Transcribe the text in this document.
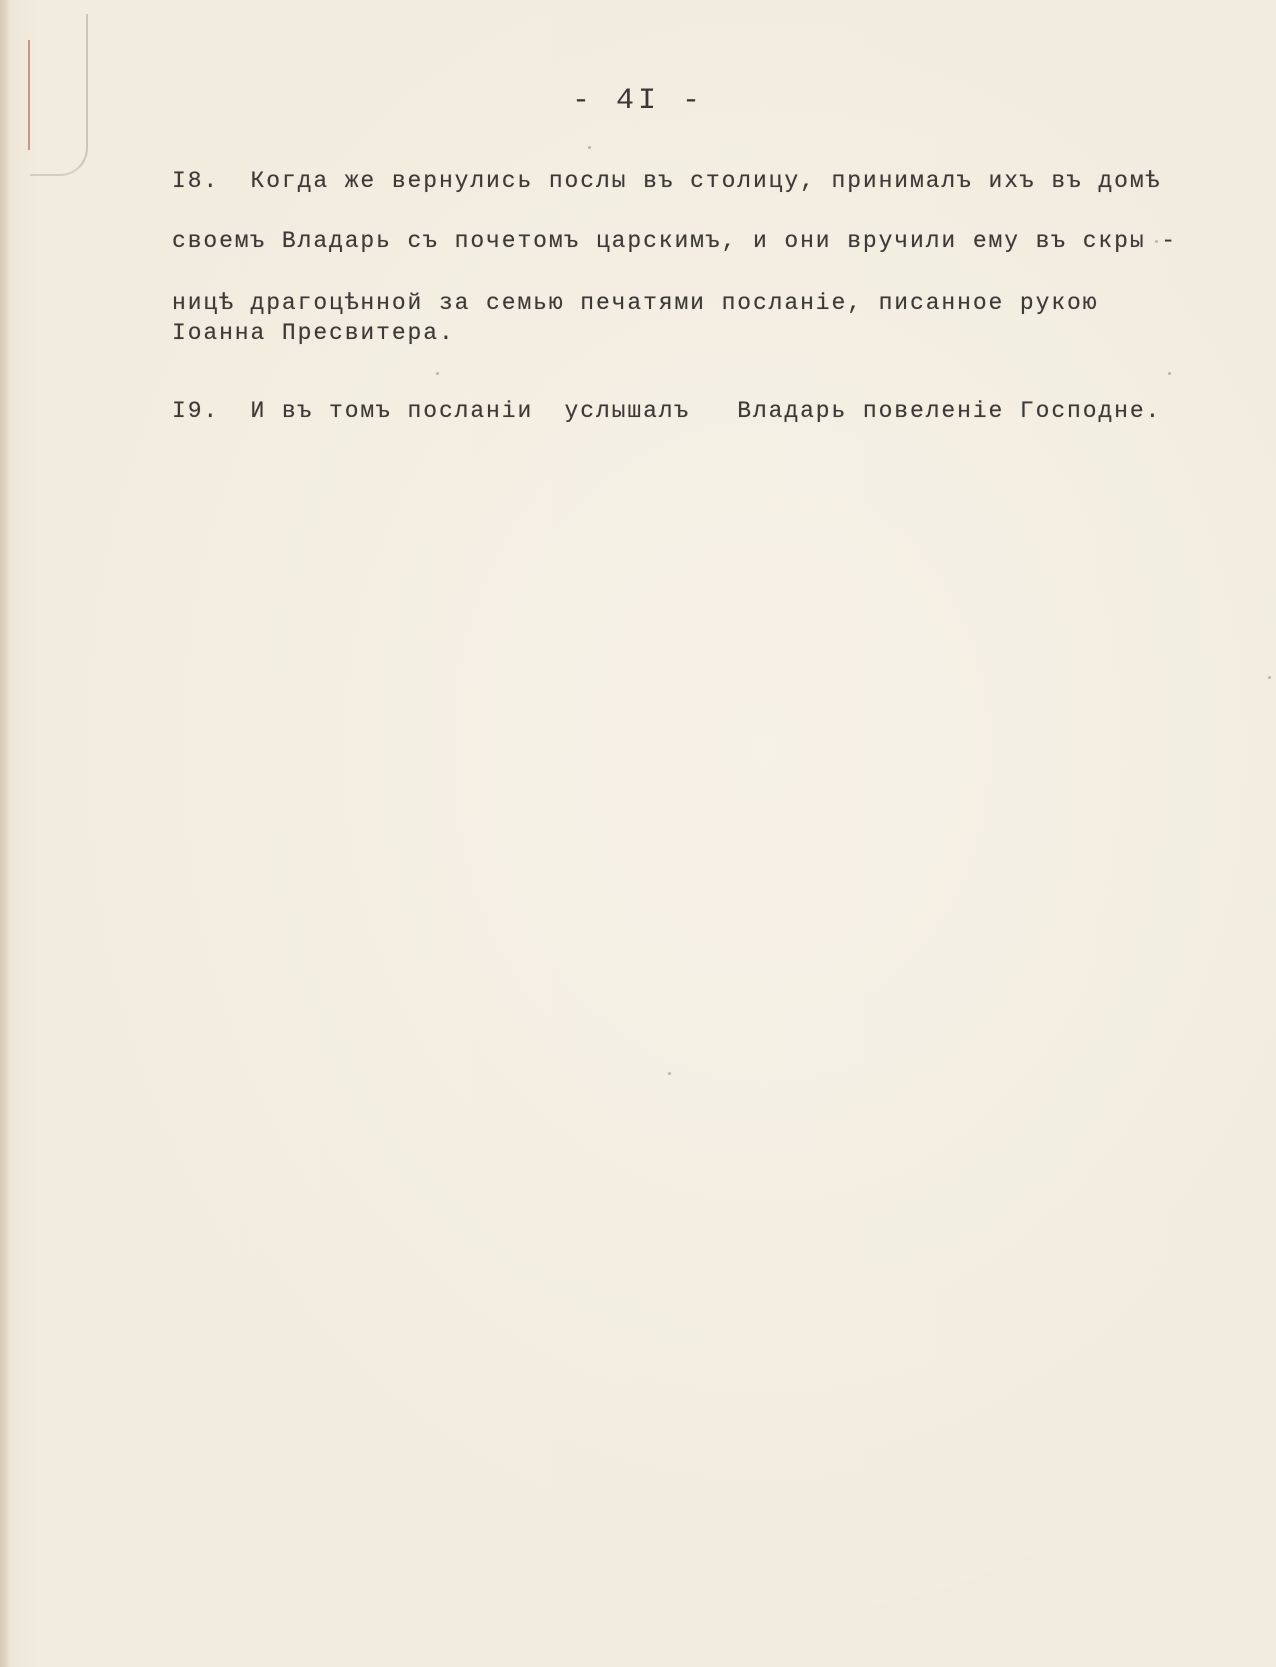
- 4I -
I8.  Когда же вернулись послы въ столицу, принималъ ихъ въ домѣ
своемъ Владарь съ почетомъ царскимъ, и они вручили ему въ скры -
ницѣ драгоцѣнной за семью печатями посланіе, писанное рукою
Іоанна Пресвитера.
I9.  И въ томъ посланіи  услышалъ   Владарь повеленіе Господне.
